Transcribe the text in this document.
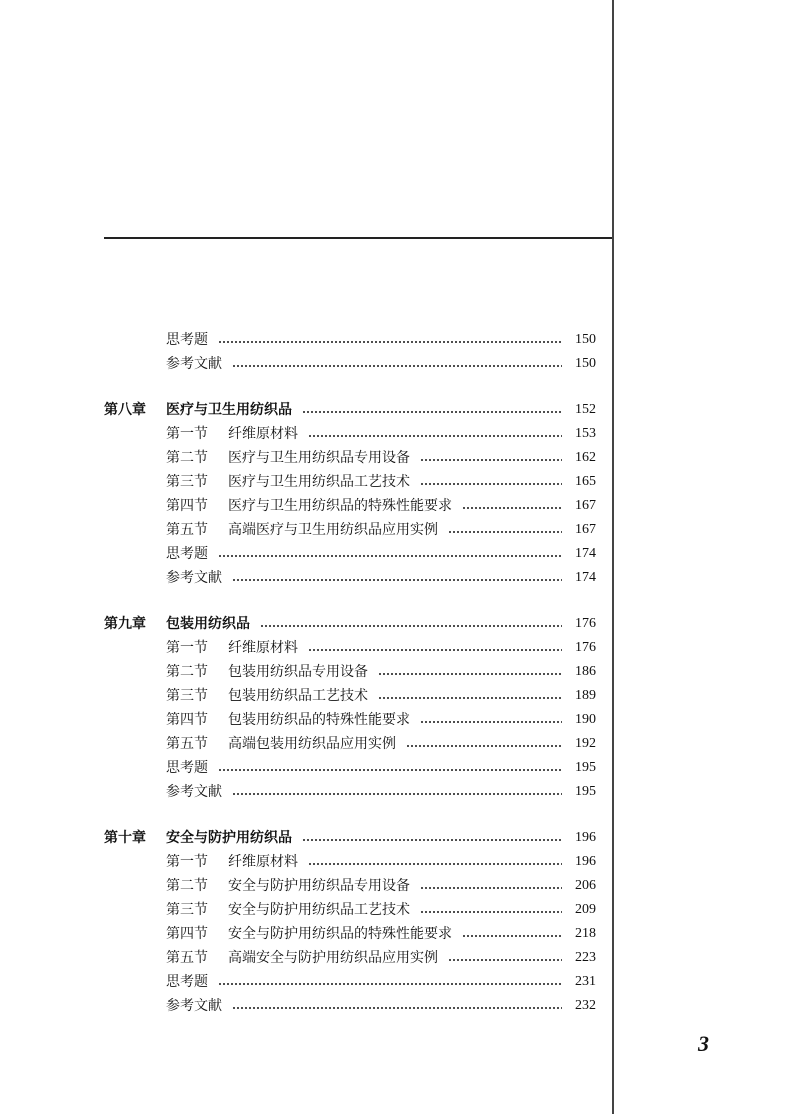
思考题	150
参考文献	150
第八章	医疗与卫生用纺织品	152
第一节	纤维原材料	153
第二节	医疗与卫生用纺织品专用设备	162
第三节	医疗与卫生用纺织品工艺技术	165
第四节	医疗与卫生用纺织品的特殊性能要求	167
第五节	高端医疗与卫生用纺织品应用实例	167
思考题	174
参考文献	174
第九章	包装用纺织品	176
第一节	纤维原材料	176
第二节	包装用纺织品专用设备	186
第三节	包装用纺织品工艺技术	189
第四节	包装用纺织品的特殊性能要求	190
第五节	高端包装用纺织品应用实例	192
思考题	195
参考文献	195
第十章	安全与防护用纺织品	196
第一节	纤维原材料	196
第二节	安全与防护用纺织品专用设备	206
第三节	安全与防护用纺织品工艺技术	209
第四节	安全与防护用纺织品的特殊性能要求	218
第五节	高端安全与防护用纺织品应用实例	223
思考题	231
参考文献	232
3
